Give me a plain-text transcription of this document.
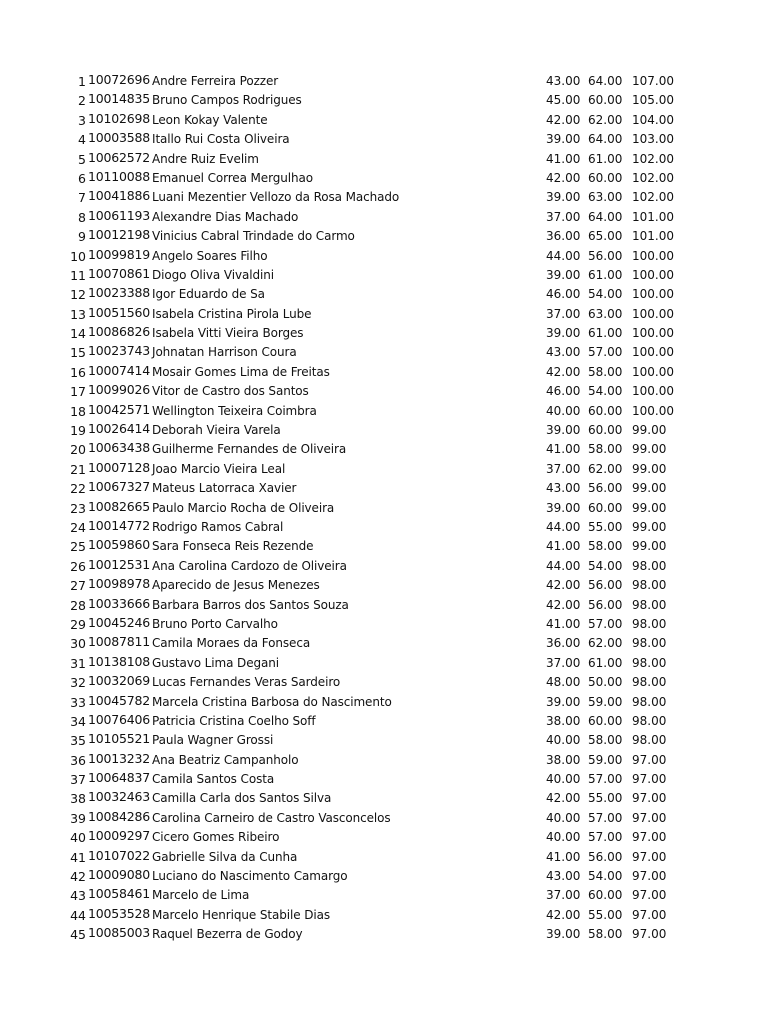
1 10072696 Andre Ferreira Pozzer	43.00 64.00 107.00
2 10014835 Bruno Campos Rodrigues	45.00 60.00 105.00
3 10102698 Leon Kokay Valente	42.00 62.00 104.00
4 10003588 Itallo Rui Costa Oliveira	39.00 64.00 103.00
5 10062572 Andre Ruiz Evelim	41.00 61.00 102.00
6 10110088 Emanuel Correa Mergulhao	42.00 60.00 102.00
7 10041886 Luani Mezentier Vellozo da Rosa Machado	39.00 63.00 102.00
8 10061193 Alexandre Dias Machado	37.00 64.00 101.00
9 10012198 Vinicius Cabral Trindade do Carmo	36.00 65.00 101.00
10 10099819 Angelo Soares Filho	44.00 56.00 100.00
11 10070861 Diogo Oliva Vivaldini	39.00 61.00 100.00
12 10023388 Igor Eduardo de Sa	46.00 54.00 100.00
13 10051560 Isabela Cristina Pirola Lube	37.00 63.00 100.00
14 10086826 Isabela Vitti Vieira Borges	39.00 61.00 100.00
15 10023743 Johnatan Harrison Coura	43.00 57.00 100.00
16 10007414 Mosair Gomes Lima de Freitas	42.00 58.00 100.00
17 10099026 Vitor de Castro dos Santos	46.00 54.00 100.00
18 10042571 Wellington Teixeira Coimbra	40.00 60.00 100.00
19 10026414 Deborah Vieira Varela	39.00 60.00 99.00
20 10063438 Guilherme Fernandes de Oliveira	41.00 58.00 99.00
21 10007128 Joao Marcio Vieira Leal	37.00 62.00 99.00
22 10067327 Mateus Latorraca Xavier	43.00 56.00 99.00
23 10082665 Paulo Marcio Rocha de Oliveira	39.00 60.00 99.00
24 10014772 Rodrigo Ramos Cabral	44.00 55.00 99.00
25 10059860 Sara Fonseca Reis Rezende	41.00 58.00 99.00
26 10012531 Ana Carolina Cardozo de Oliveira	44.00 54.00 98.00
27 10098978 Aparecido de Jesus Menezes	42.00 56.00 98.00
28 10033666 Barbara Barros dos Santos Souza	42.00 56.00 98.00
29 10045246 Bruno Porto Carvalho	41.00 57.00 98.00
30 10087811 Camila Moraes da Fonseca	36.00 62.00 98.00
31 10138108 Gustavo Lima Degani	37.00 61.00 98.00
32 10032069 Lucas Fernandes Veras Sardeiro	48.00 50.00 98.00
33 10045782 Marcela Cristina Barbosa do Nascimento	39.00 59.00 98.00
34 10076406 Patricia Cristina Coelho Soff	38.00 60.00 98.00
35 10105521 Paula Wagner Grossi	40.00 58.00 98.00
36 10013232 Ana Beatriz Campanholo	38.00 59.00 97.00
37 10064837 Camila Santos Costa	40.00 57.00 97.00
38 10032463 Camilla Carla dos Santos Silva	42.00 55.00 97.00
39 10084286 Carolina Carneiro de Castro Vasconcelos	40.00 57.00 97.00
40 10009297 Cicero Gomes Ribeiro	40.00 57.00 97.00
41 10107022 Gabrielle Silva da Cunha	41.00 56.00 97.00
42 10009080 Luciano do Nascimento Camargo	43.00 54.00 97.00
43 10058461 Marcelo de Lima	37.00 60.00 97.00
44 10053528 Marcelo Henrique Stabile Dias	42.00 55.00 97.00
45 10085003 Raquel Bezerra de Godoy	39.00 58.00 97.00
